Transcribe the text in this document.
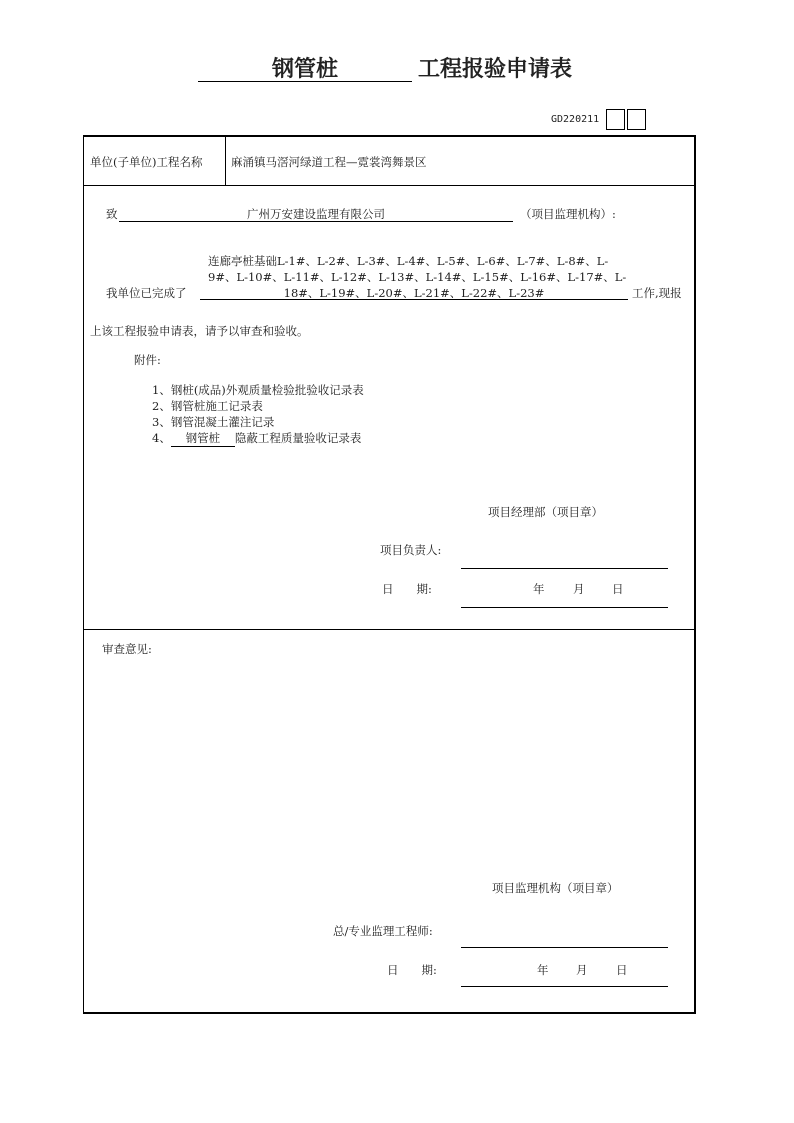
钢管桩	工程报验申请表
GD220211
单位(子单位)工程名称 麻涌镇马滘河绿道工程—霓裳湾舞景区
致	广州万安建设监理有限公司	（项目监理机构）:
连廊亭桩基础L-1#、L-2#、L-3#、L-4#、L-5#、L-6#、L-7#、L-8#、L-
9#、L-10#、L-11#、L-12#、L-13#、L-14#、L-15#、L-16#、L-17#、L-
我单位已完成了	18#、L-19#、L-20#、L-21#、L-22#、L-23#	工作,现报
上该工程报验申请表，请予以审查和验收。
附件:
1、钢桩(成品)外观质量检验批验收记录表
2、钢管桩施工记录表
3、钢管混凝土灌注记录
4、 钢管桩 隐蔽工程质量验收记录表
项目经理部（项目章）
项目负责人:
日　　期:	年 月 日
审查意见:
项目监理机构（项目章）
总/专业监理工程师:
日　　期:	年 月 日
